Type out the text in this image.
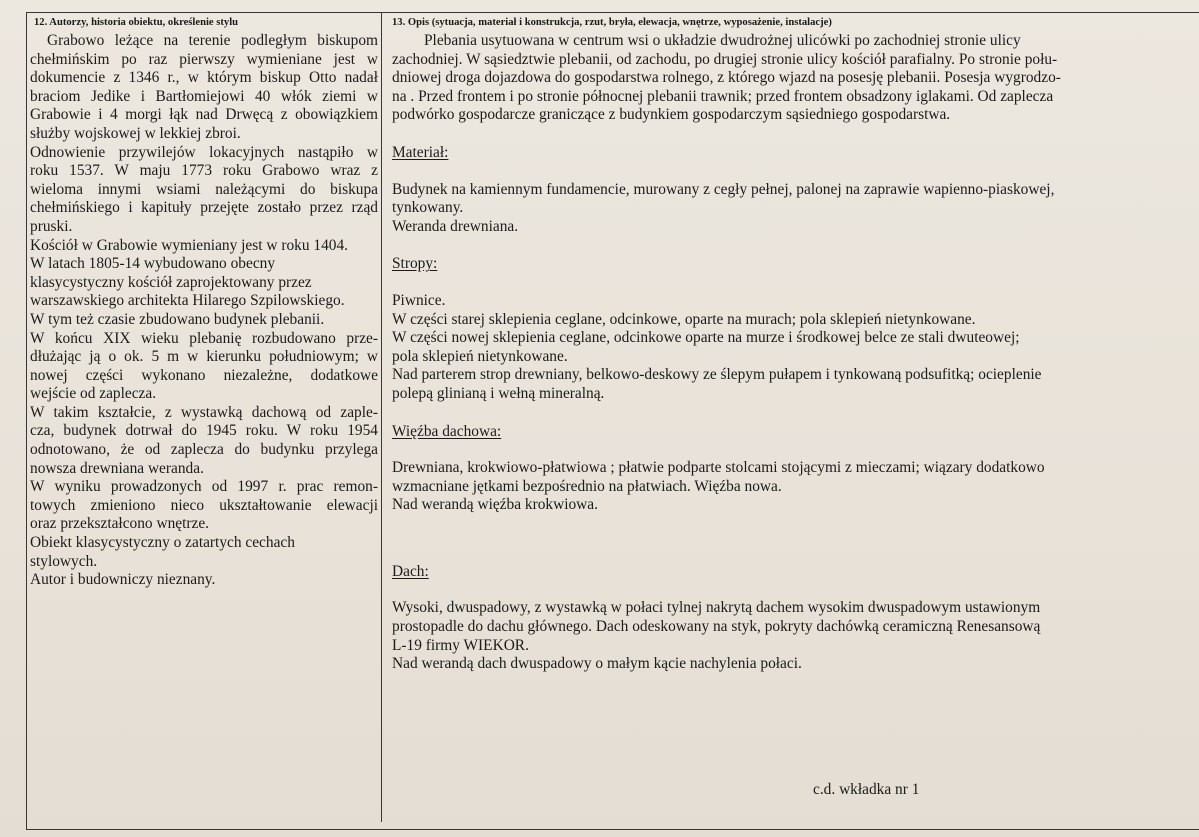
12. Autorzy, historia obiektu, określenie stylu

Grabowo leżące na terenie podległym biskupom

chełmińskim po raz pierwszy wymieniane jest w

dokumencie z 1346 r., w którym biskup Otto nadał

braciom Jedike i Bartłomiejowi 40 włók ziemi w

Grabowie i 4 morgi łąk nad Drwęcą z obowiązkiem

służby wojskowej w lekkiej zbroi.

Odnowienie przywilejów lokacyjnych nastąpiło w

roku 1537. W maju 1773 roku Grabowo wraz z

wieloma innymi wsiami należącymi do biskupa

chełmińskiego i kapituły przejęte zostało przez rząd

pruski.

Kościół w Grabowie wymieniany jest w roku 1404.

W latach 1805-14 wybudowano obecny

klasycystyczny kościół zaprojektowany przez

warszawskiego architekta Hilarego Szpilowskiego.

W tym też czasie zbudowano budynek plebanii.

W końcu XIX wieku plebanię rozbudowano prze-

dłużając ją o ok. 5 m w kierunku południowym; w

nowej części wykonano niezależne, dodatkowe

wejście od zaplecza.

W takim kształcie, z wystawką dachową od zaple-

cza, budynek dotrwał do 1945 roku. W roku 1954

odnotowano, że od zaplecza do budynku przylega

nowsza drewniana weranda.

W wyniku prowadzonych od 1997 r. prac remon-

towych zmieniono nieco ukształtowanie elewacji

oraz przekształcono wnętrze.

Obiekt klasycystyczny o zatartych cechach

stylowych.

Autor i budowniczy nieznany.

13. Opis (sytuacja, materiał i konstrukcja, rzut, bryła, elewacja, wnętrze, wyposażenie, instalacje)

Plebania usytuowana w centrum wsi o układzie dwudrożnej ulicówki po zachodniej stronie ulicy

zachodniej. W sąsiedztwie plebanii, od zachodu, po drugiej stronie ulicy kościół parafialny. Po stronie połu-

dniowej droga dojazdowa do gospodarstwa rolnego, z którego wjazd na posesję plebanii. Posesja wygrodzo-

na . Przed frontem i po stronie północnej plebanii trawnik; przed frontem obsadzony iglakami. Od zaplecza

podwórko gospodarcze graniczące z budynkiem gospodarczym sąsiedniego gospodarstwa.

Materiał:

Budynek na kamiennym fundamencie, murowany z cegły pełnej, palonej na zaprawie wapienno-piaskowej,

tynkowany.

Weranda drewniana.

Stropy:

Piwnice.

W części starej sklepienia ceglane, odcinkowe, oparte na murach; pola sklepień nietynkowane.

W części nowej sklepienia ceglane, odcinkowe oparte na murze i środkowej belce ze stali dwuteowej;

pola sklepień nietynkowane.

Nad parterem strop drewniany, belkowo-deskowy ze ślepym pułapem i tynkowaną podsufitką; ocieplenie

polepą glinianą i wełną mineralną.

Więźba dachowa:

Drewniana, krokwiowo-płatwiowa ; płatwie podparte stolcami stojącymi z mieczami; wiązary dodatkowo

wzmacniane jętkami bezpośrednio na płatwiach. Więźba nowa.

Nad werandą więźba krokwiowa.

Dach:

Wysoki, dwuspadowy, z wystawką w połaci tylnej nakrytą dachem wysokim dwuspadowym ustawionym

prostopadle do dachu głównego. Dach odeskowany na styk, pokryty dachówką ceramiczną Renesansową

L-19 firmy WIEKOR.

Nad werandą dach dwuspadowy o małym kącie nachylenia połaci.

c.d. wkładka nr 1
